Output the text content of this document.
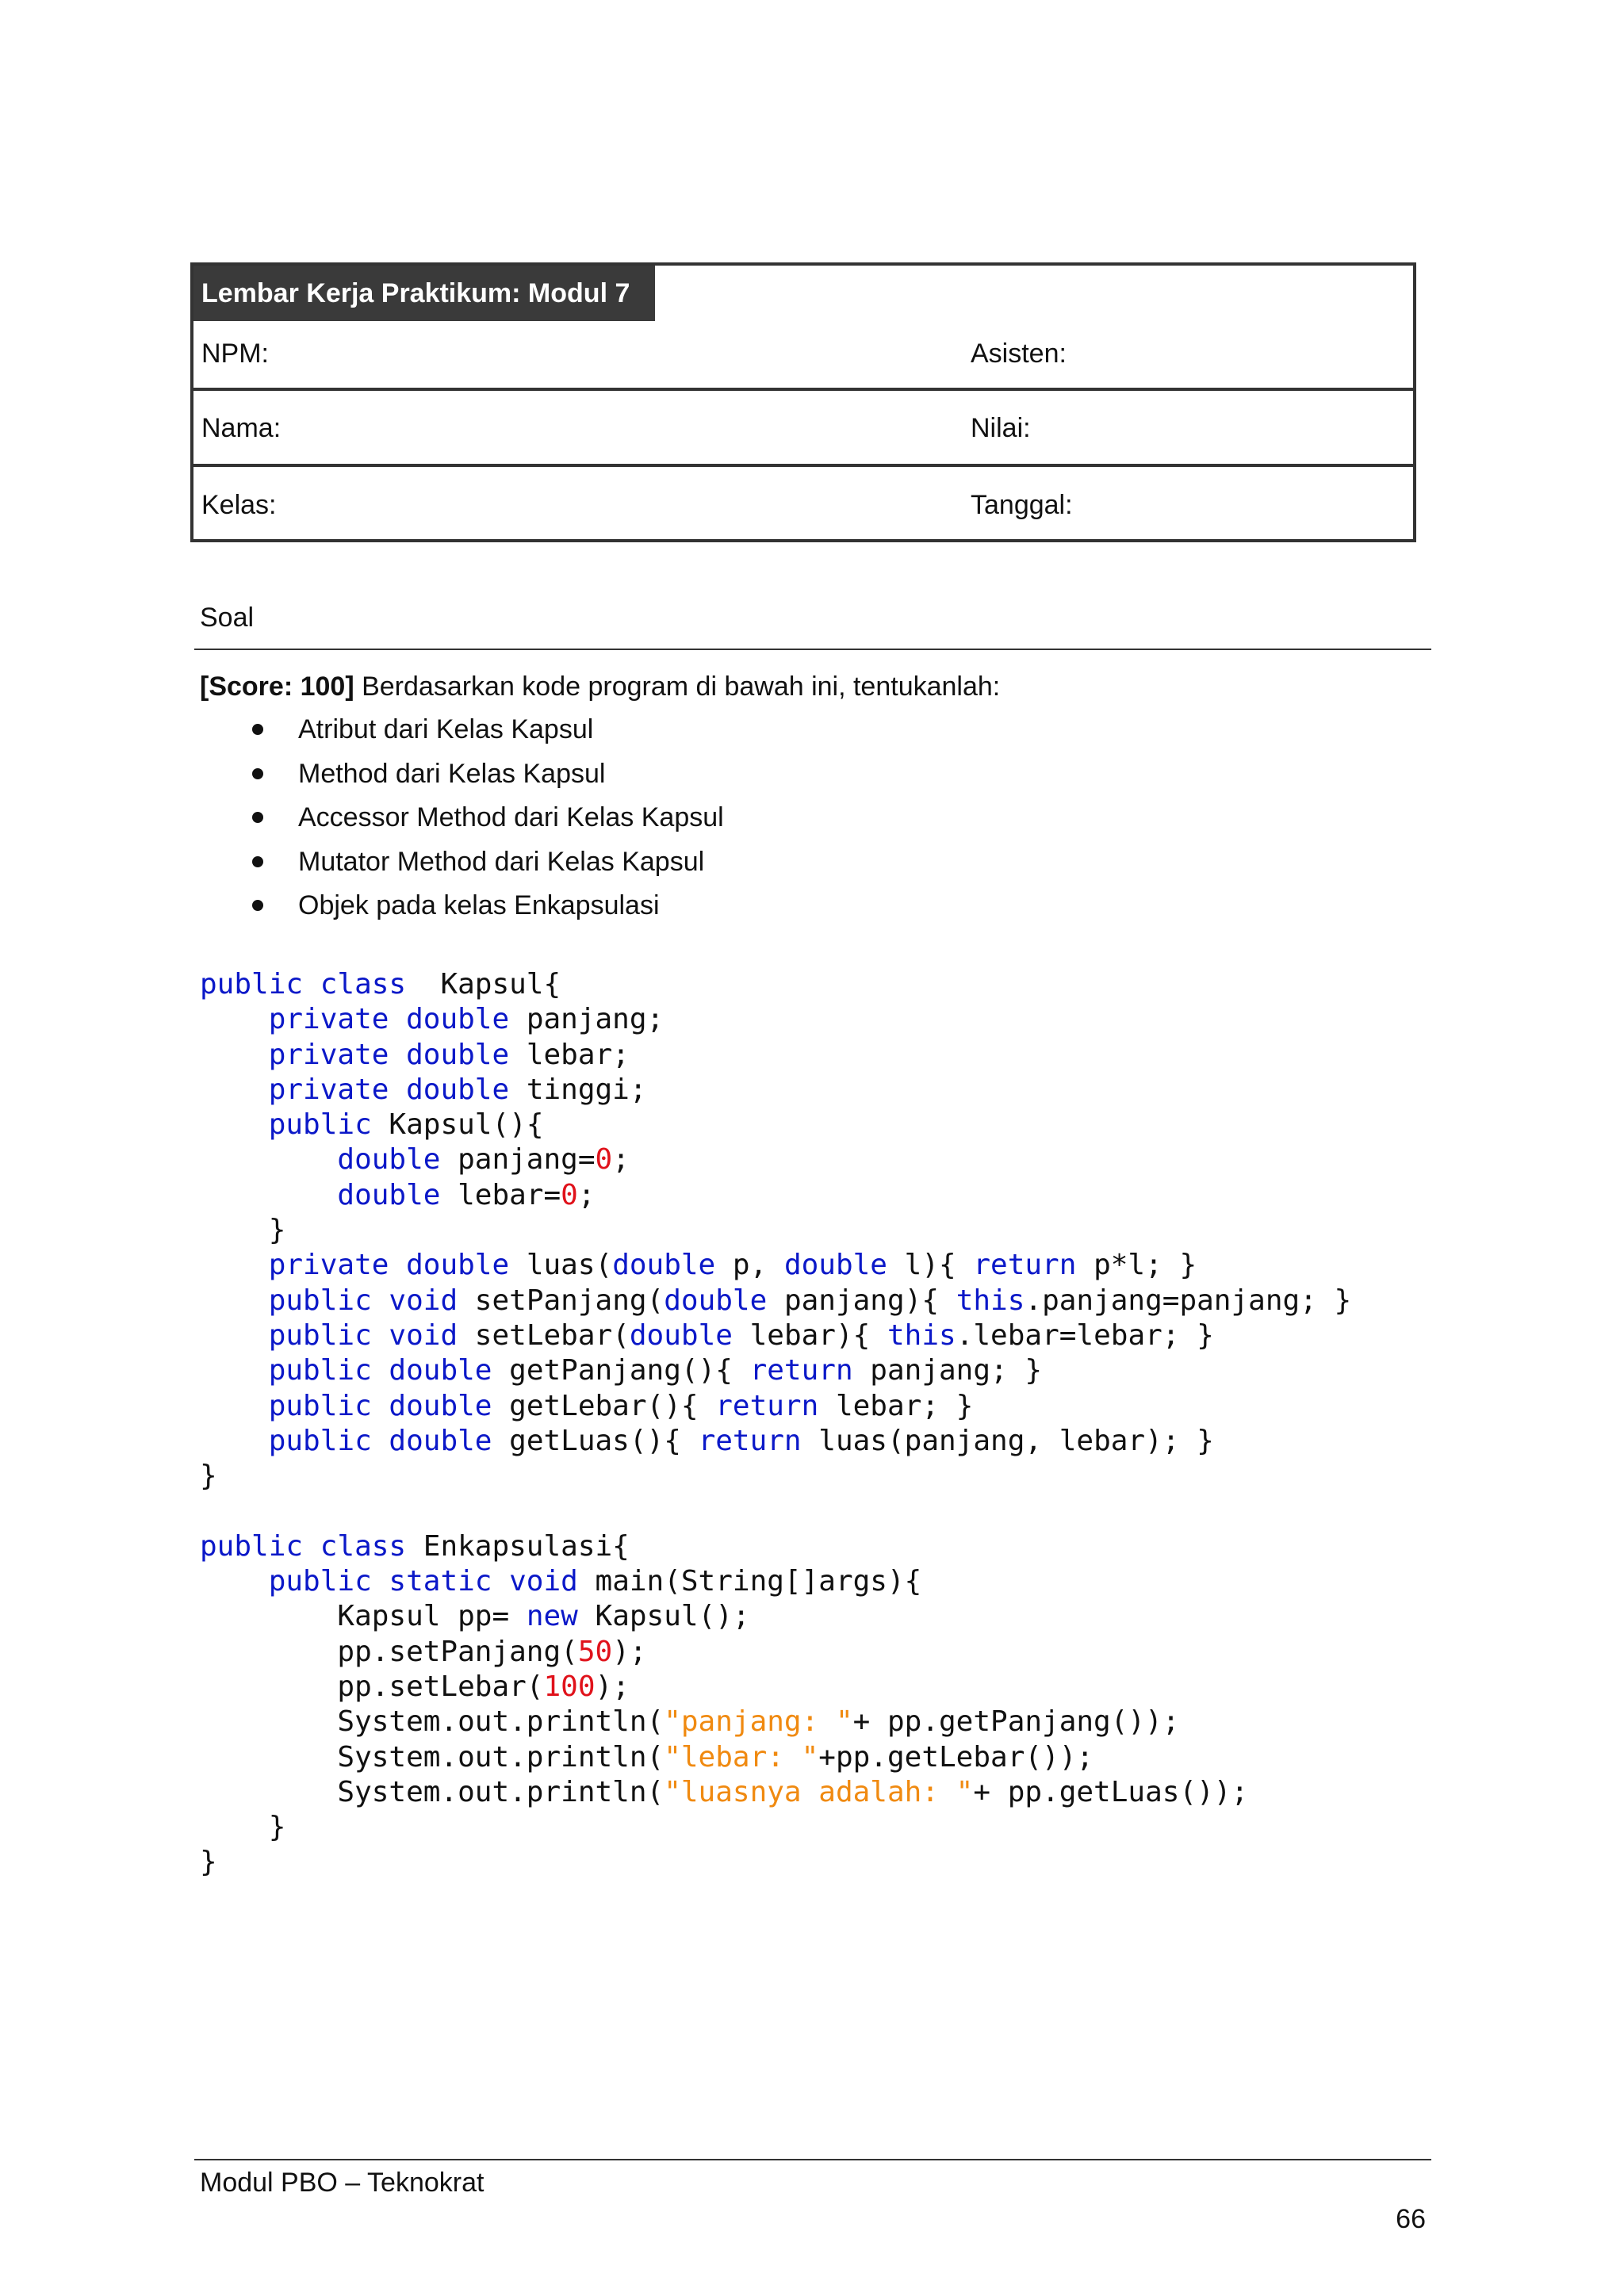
Lembar Kerja Praktikum: Modul 7
NPM:	Asisten:
Nama:	Nilai:
Kelas:	Tanggal:
Soal
[Score: 100] Berdasarkan kode program di bawah ini, tentukanlah:
Atribut dari Kelas Kapsul
Method dari Kelas Kapsul
Accessor Method dari Kelas Kapsul
Mutator Method dari Kelas Kapsul
Objek pada kelas Enkapsulasi
public class  Kapsul{
private double panjang;
private double lebar;
private double tinggi;
public Kapsul(){
double panjang=0;
double lebar=0;
}
private double luas(double p, double l){ return p*l; }
public void setPanjang(double panjang){ this.panjang=panjang; }
public void setLebar(double lebar){ this.lebar=lebar; }
public double getPanjang(){ return panjang; }
public double getLebar(){ return lebar; }
public double getLuas(){ return luas(panjang, lebar); }
}
public class Enkapsulasi{
public static void main(String[]args){
Kapsul pp= new Kapsul();
pp.setPanjang(50);
pp.setLebar(100);
System.out.println("panjang: "+ pp.getPanjang());
System.out.println("lebar: "+pp.getLebar());
System.out.println("luasnya adalah: "+ pp.getLuas());
}
}
Modul PBO – Teknokrat
66
